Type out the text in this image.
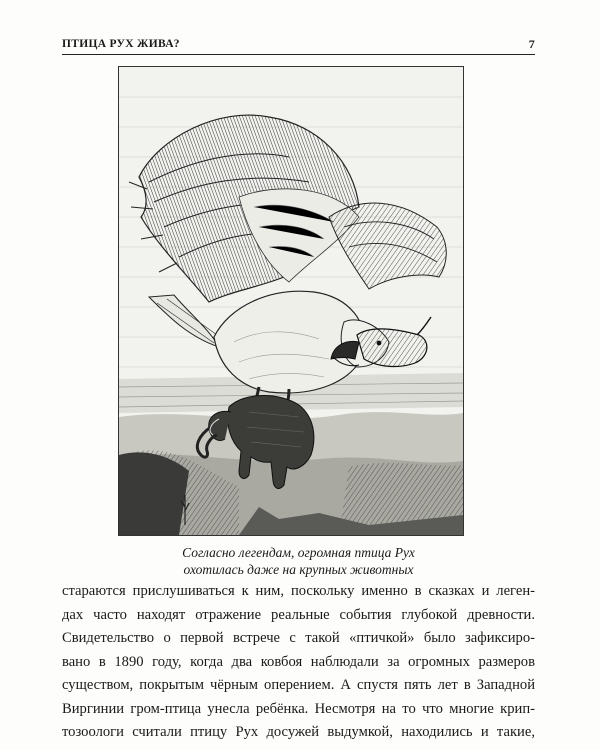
ПТИЦА РУХ ЖИВА?	7
Согласно легендам, огромная птица Рух
охотилась даже на крупных животных
стараются прислушиваться к ним, поскольку именно в сказках и леген-
дах часто находят отражение реальные события глубокой древности.
Свидетельство о первой встрече с такой «птичкой» было зафиксиро-
вано в 1890 году, когда два ковбоя наблюдали за огромных размеров
существом, покрытым чёрным оперением. А спустя пять лет в Западной
Виргинии гром-птица унесла ребёнка. Несмотря на то что многие крип-
тозоологи считали птицу Рух досужей выдумкой, находились и такие,
